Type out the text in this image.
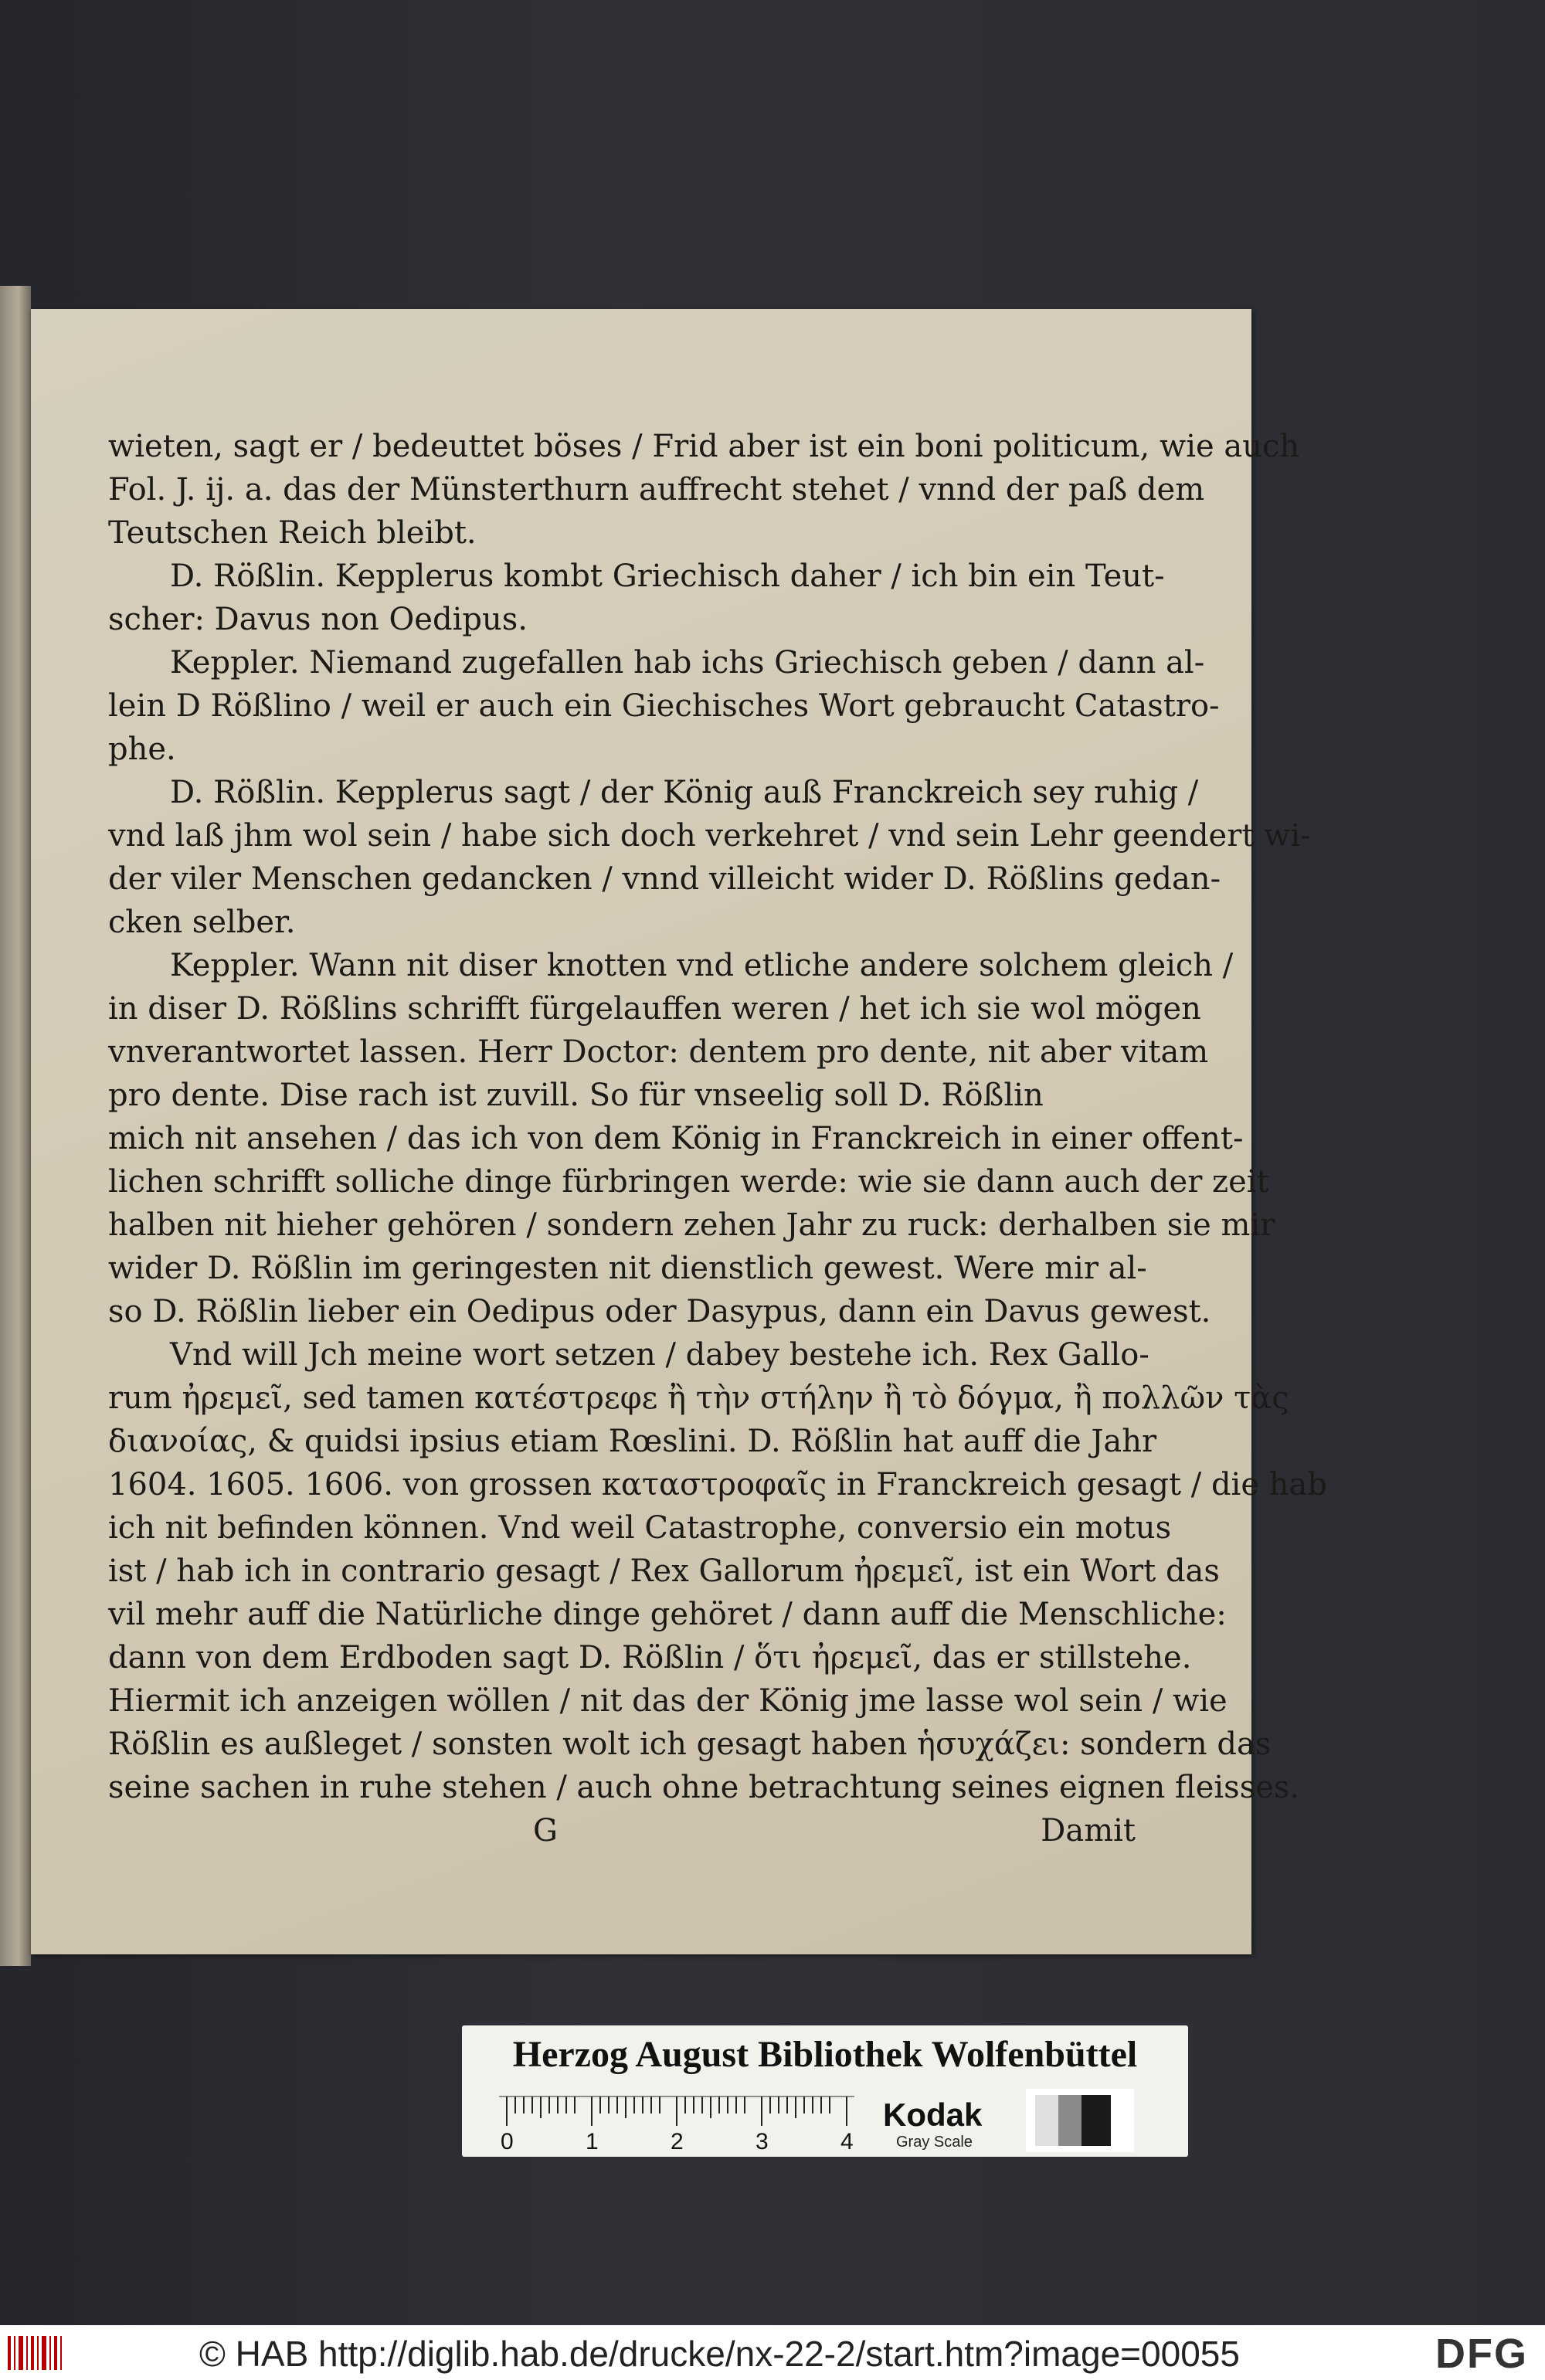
wieten, sagt er / bedeuttet böses / Frid aber ist ein boni politicum, wie auch
Fol. J. ij. a. das der Münsterthurn auffrecht stehet / vnnd der paß dem
Teutschen Reich bleibt.
D. Rößlin. Kepplerus kombt Griechisch daher / ich bin ein Teut-
scher: Davus non Oedipus.
Keppler. Niemand zugefallen hab ichs Griechisch geben / dann al-
lein D Rößlino / weil er auch ein Giechisches Wort gebraucht Catastro-
phe.
D. Rößlin. Kepplerus sagt / der König auß Franckreich sey ruhig /
vnd laß jhm wol sein / habe sich doch verkehret / vnd sein Lehr geendert wi-
der viler Menschen gedancken / vnnd villeicht wider D. Rößlins gedan-
cken selber.
Keppler. Wann nit diser knotten vnd etliche andere solchem gleich /
in diser D. Rößlins schrifft fürgelauffen weren / het ich sie wol mögen
vnverantwortet lassen. Herr Doctor: dentem pro dente, nit aber vitam
pro dente. Dise rach ist zuvill. So für vnseelig soll D. Rößlin
mich nit ansehen / das ich von dem König in Franckreich in einer offent-
lichen schrifft solliche dinge fürbringen werde: wie sie dann auch der zeit
halben nit hieher gehören / sondern zehen Jahr zu ruck: derhalben sie mir
wider D. Rößlin im geringesten nit dienstlich gewest. Were mir al-
so D. Rößlin lieber ein Oedipus oder Dasypus, dann ein Davus gewest.
Vnd will Jch meine wort setzen / dabey bestehe ich. Rex Gallo-
rum ἠρεμεῖ, sed tamen κατέστρεφε ἢ τὴν στήλην ἢ τὸ δόγμα, ἢ πολλῶν τὰς
διανοίας, & quidsi ipsius etiam Rœslini. D. Rößlin hat auff die Jahr
1604. 1605. 1606. von grossen καταστροφαῖς in Franckreich gesagt / die hab
ich nit befinden können. Vnd weil Catastrophe, conversio ein motus
ist / hab ich in contrario gesagt / Rex Gallorum ἠρεμεῖ, ist ein Wort das
vil mehr auff die Natürliche dinge gehöret / dann auff die Menschliche:
dann von dem Erdboden sagt D. Rößlin / ὅτι ἠρεμεῖ, das er stillstehe.
Hiermit ich anzeigen wöllen / nit das der König jme lasse wol sein / wie
Rößlin es außleget / sonsten wolt ich gesagt haben ἡσυχάζει: sondern das
seine sachen in ruhe stehen / auch ohne betrachtung seines eignen fleisses.
G	Damit
Herzog August Bibliothek Wolfenbüttel
0	1	2	3	4
Kodak
Gray Scale
© HAB http://diglib.hab.de/drucke/nx-22-2/start.htm?image=00055	DFG
